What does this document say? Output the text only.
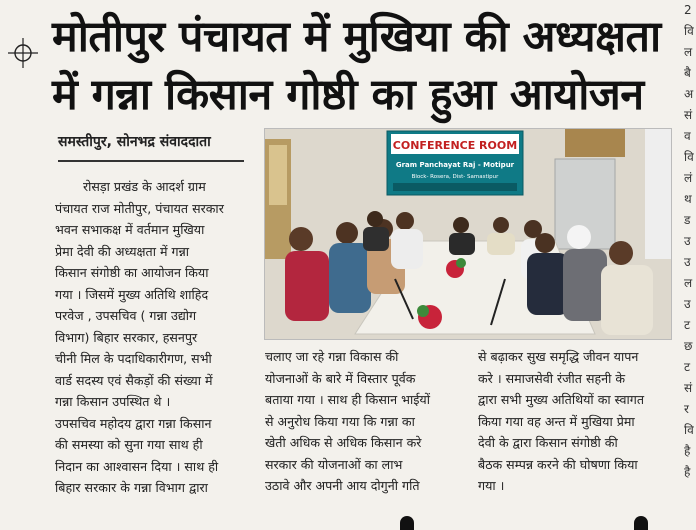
मोतीपुर पंचायत में मुखिया की अध्यक्षता
में गन्ना किसान गोष्ठी का हुआ आयोजन
समस्तीपुर, सोनभद्र संवाददाता
रोसड़ा प्रखंड के आदर्श ग्राम
पंचायत राज मोतीपुर, पंचायत सरकार
भवन सभाकक्ष में वर्तमान मुखिया
प्रेमा देवी की अध्यक्षता में गन्ना
किसान संगोष्ठी का आयोजन किया
गया । जिसमें मुख्य अतिथि शाहिद
परवेज , उपसचिव ( गन्ना उद्योग
विभाग) बिहार सरकार, हसनपुर
चीनी मिल के पदाधिकारीगण, सभी
वार्ड सदस्य एवं सैकड़ों की संख्या में
गन्ना किसान उपस्थित थे ।
उपसचिव महोदय द्वारा गन्ना किसान
की समस्या को सुना गया साथ ही
निदान का आश्वासन दिया । साथ ही
बिहार सरकार के गन्ना विभाग द्वारा
चलाए जा रहे गन्ना विकास की
योजनाओं के बारे में विस्तार पूर्वक
बताया गया । साथ ही किसान भाईयों
से अनुरोध किया गया कि गन्ना का
खेती अधिक से अधिक किसान करे
सरकार की योजनाओं का लाभ
उठावे और अपनी आय दोगुनी गति
से बढ़ाकर सुख समृद्धि जीवन यापन
करे । समाजसेवी रंजीत सहनी के
द्वारा सभी मुख्य अतिथियों का स्वागत
किया गया वह अन्त में मुखिया प्रेमा
देवी के द्वारा किसान संगोष्ठी की
बैठक सम्पन्न करने की घोषणा किया
गया ।
CONFERENCE ROOM
Gram Panchayat Raj - Motipur
Block- Rosera, Dist- Samastipur
2
वि
ल
बै
अ
सं
व
वि
लं
थ
ड
उ
उ
ल
उ
ट
छ
ट
सं
र
वि
है
है
